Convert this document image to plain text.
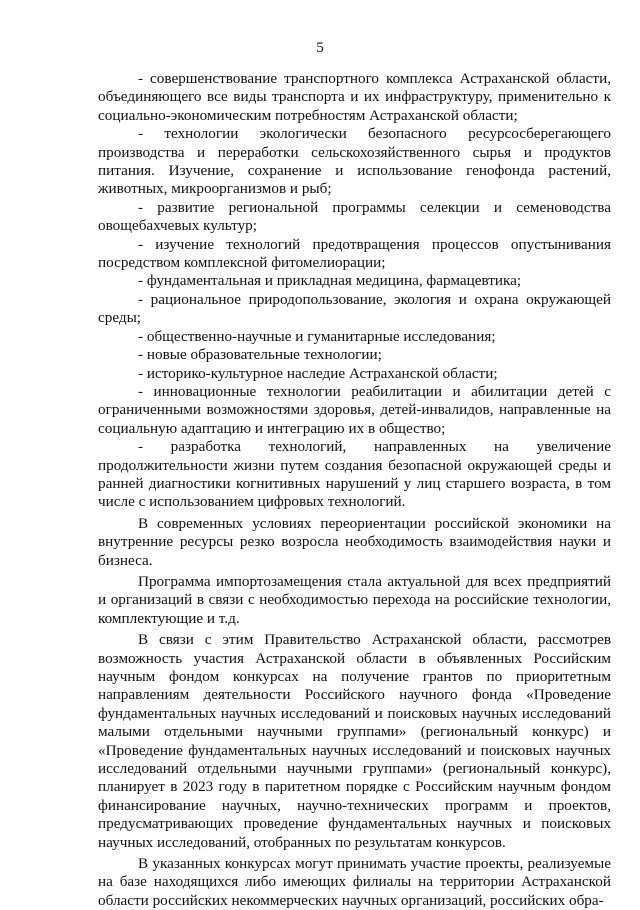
5

- совершенствование транспортного комплекса Астраханской области, объединяющего все виды транспорта и их инфраструктуру, применительно к социально-экономическим потребностям Астраханской области;

- технологии экологически безопасного ресурсосберегающего производства и переработки сельскохозяйственного сырья и продуктов питания. Изучение, сохранение и использование генофонда растений, животных, микроорганизмов и рыб;

- развитие региональной программы селекции и семеноводства овощебахчевых культур;

- изучение технологий предотвращения процессов опустынивания посредством комплексной фитомелиорации;

- фундаментальная и прикладная медицина, фармацевтика;

- рациональное природопользование, экология и охрана окружающей среды;

- общественно-научные и гуманитарные исследования;

- новые образовательные технологии;

- историко-культурное наследие Астраханской области;

- инновационные технологии реабилитации и абилитации детей с ограниченными возможностями здоровья, детей-инвалидов, направленные на социальную адаптацию и интеграцию их в общество;

- разработка технологий, направленных на увеличение продолжительности жизни путем создания безопасной окружающей среды и ранней диагностики когнитивных нарушений у лиц старшего возраста, в том числе с использованием цифровых технологий.

В современных условиях переориентации российской экономики на внутренние ресурсы резко возросла необходимость взаимодействия науки и бизнеса.

Программа импортозамещения стала актуальной для всех предприятий и организаций в связи с необходимостью перехода на российские технологии, комплектующие и т.д.

В связи с этим Правительство Астраханской области, рассмотрев возможность участия Астраханской области в объявленных Российским научным фондом конкурсах на получение грантов по приоритетным направлениям деятельности Российского научного фонда «Проведение фундаментальных научных исследований и поисковых научных исследований малыми отдельными научными группами» (региональный конкурс) и «Проведение фундаментальных научных исследований и поисковых научных исследований отдельными научными группами» (региональный конкурс), планирует в 2023 году в паритетном порядке с Российским научным фондом финансирование научных, научно-технических программ и проектов, предусматривающих проведение фундаментальных научных и поисковых научных исследований, отобранных по результатам конкурсов.

В указанных конкурсах могут принимать участие проекты, реализуемые на базе находящихся либо имеющих филиалы на территории Астраханской области российских некоммерческих научных организаций, российских обра-
